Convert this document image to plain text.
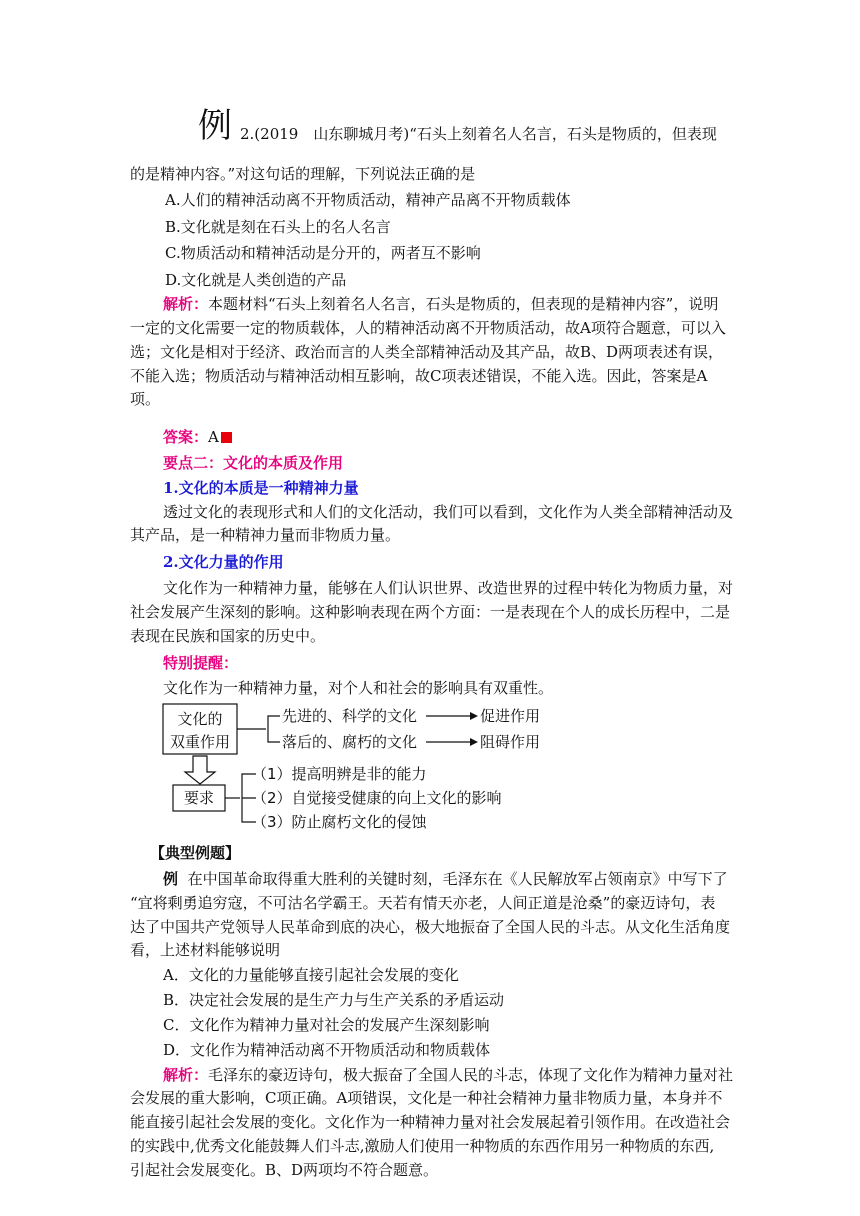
例 2.(2019　山东聊城月考)“石头上刻着名人名言，石头是物质的，但表现
的是精神内容。”对这句话的理解，下列说法正确的是
A.人们的精神活动离不开物质活动，精神产品离不开物质载体
B.文化就是刻在石头上的名人名言
C.物质活动和精神活动是分开的，两者互不影响
D.文化就是人类创造的产品
解析：本题材料“石头上刻着名人名言，石头是物质的，但表现的是精神内容”，说明
一定的文化需要一定的物质载体，人的精神活动离不开物质活动，故A项符合题意，可以入
选；文化是相对于经济、政治而言的人类全部精神活动及其产品，故B、D两项表述有误，
不能入选；物质活动与精神活动相互影响，故C项表述错误，不能入选。因此，答案是A
项。
答案：A
要点二：文化的本质及作用
1.文化的本质是一种精神力量
透过文化的表现形式和人们的文化活动，我们可以看到，文化作为人类全部精神活动及
其产品，是一种精神力量而非物质力量。
2.文化力量的作用
文化作为一种精神力量，能够在人们认识世界、改造世界的过程中转化为物质力量，对
社会发展产生深刻的影响。这种影响表现在两个方面：一是表现在个人的成长历程中，二是
表现在民族和国家的历史中。
特别提醒：
文化作为一种精神力量，对个人和社会的影响具有双重性。
文化的
双重作用
先进的、科学的文化	促进作用
落后的、腐朽的文化	阻碍作用
要求
（1）提高明辨是非的能力
（2）自觉接受健康的向上文化的影响
（3）防止腐朽文化的侵蚀
【典型例题】
例 在中国革命取得重大胜利的关键时刻，毛泽东在《人民解放军占领南京》中写下了
“宜将剩勇追穷寇，不可沽名学霸王。天若有情天亦老，人间正道是沧桑”的豪迈诗句，表
达了中国共产党领导人民革命到底的决心，极大地振奋了全国人民的斗志。从文化生活角度
看，上述材料能够说明
A．文化的力量能够直接引起社会发展的变化
B．决定社会发展的是生产力与生产关系的矛盾运动
C．文化作为精神力量对社会的发展产生深刻影响
D．文化作为精神活动离不开物质活动和物质载体
解析：毛泽东的豪迈诗句，极大振奋了全国人民的斗志，体现了文化作为精神力量对社
会发展的重大影响，C项正确。A项错误，文化是一种社会精神力量非物质力量，本身并不
能直接引起社会发展的变化。文化作为一种精神力量对社会发展起着引领作用。在改造社会
的实践中,优秀文化能鼓舞人们斗志,激励人们使用一种物质的东西作用另一种物质的东西,
引起社会发展变化。B、D两项均不符合题意。
